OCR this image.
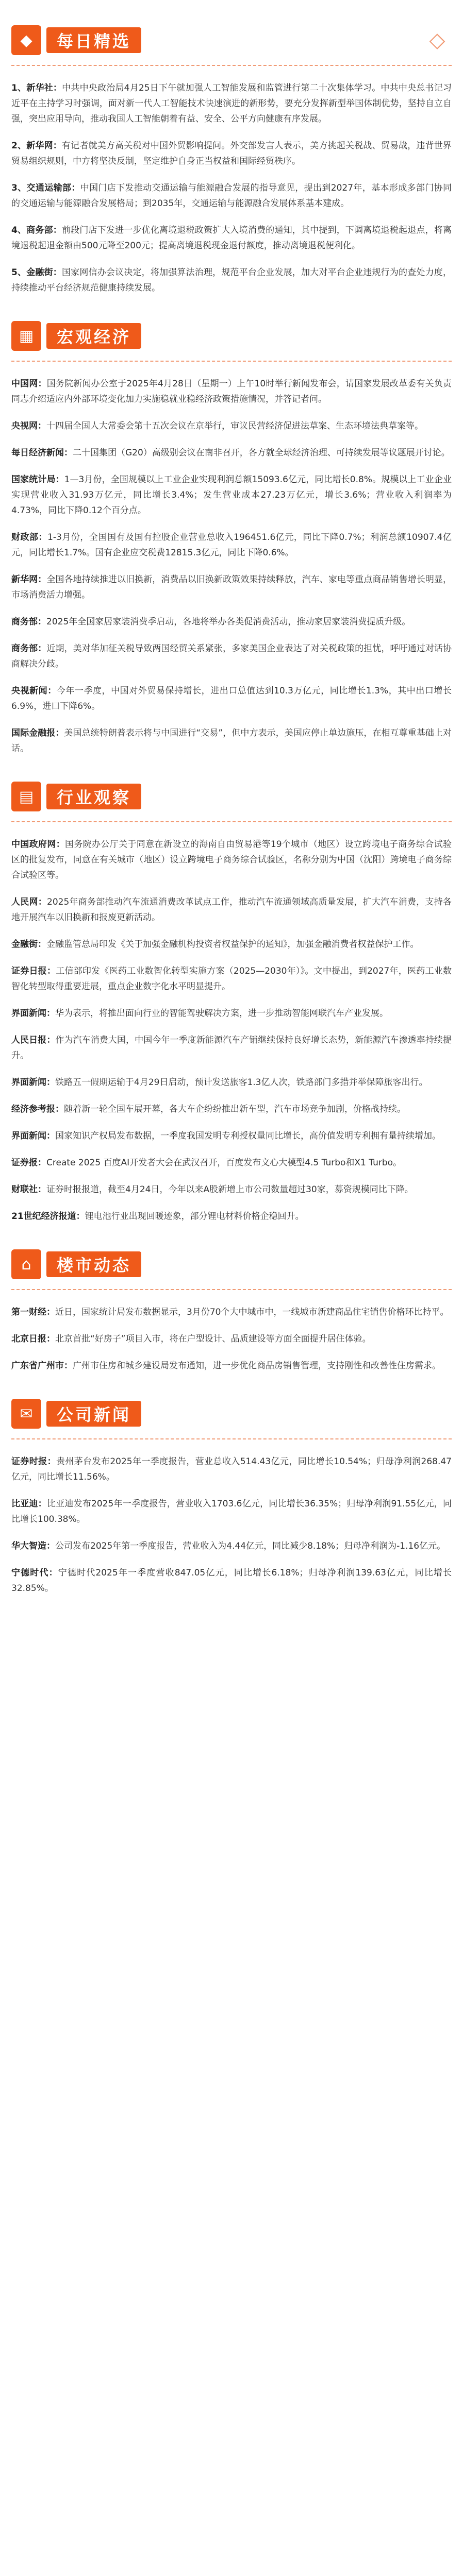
◆	每日精选	◇

1、新华社：中共中央政治局4月25日下午就加强人工智能发展和监管进行第二十次集体学习。中共中央总书记习近平在主持学习时强调，面对新一代人工智能技术快速演进的新形势，要充分发挥新型举国体制优势，坚持自立自强，突出应用导向，推动我国人工智能朝着有益、安全、公平方向健康有序发展。

2、新华网：有记者就美方高关税对中国外贸影响提问。外交部发言人表示，美方挑起关税战、贸易战，违背世界贸易组织规则，中方将坚决反制，坚定维护自身正当权益和国际经贸秩序。

3、交通运输部：中国门店下发推动交通运输与能源融合发展的指导意见，提出到2027年，基本形成多部门协同的交通运输与能源融合发展格局；到2035年，交通运输与能源融合发展体系基本建成。

4、商务部：前段门店下发进一步优化离境退税政策扩大入境消费的通知，其中提到，下调离境退税起退点，将离境退税起退金额由500元降至200元；提高离境退税现金退付额度，推动离境退税便利化。

5、金融街：国家网信办会议决定，将加强算法治理，规范平台企业发展，加大对平台企业违规行为的查处力度，持续推动平台经济规范健康持续发展。

▦	宏观经济

中国网：国务院新闻办公室于2025年4月28日（星期一）上午10时举行新闻发布会，请国家发展改革委有关负责同志介绍适应内外部环境变化加力实施稳就业稳经济政策措施情况，并答记者问。

央视网：十四届全国人大常委会第十五次会议在京举行，审议民营经济促进法草案、生态环境法典草案等。

每日经济新闻：二十国集团（G20）高级别会议在南非召开，各方就全球经济治理、可持续发展等议题展开讨论。

国家统计局：1—3月份，全国规模以上工业企业实现利润总额15093.6亿元，同比增长0.8%。规模以上工业企业实现营业收入31.93万亿元，同比增长3.4%；发生营业成本27.23万亿元，增长3.6%；营业收入利润率为4.73%，同比下降0.12个百分点。

财政部：1-3月份，全国国有及国有控股企业营业总收入196451.6亿元，同比下降0.7%；利润总额10907.4亿元，同比增长1.7%。国有企业应交税费12815.3亿元，同比下降0.6%。

新华网：全国各地持续推进以旧换新，消费品以旧换新政策效果持续释放，汽车、家电等重点商品销售增长明显，市场消费活力增强。

商务部：2025年全国家居家装消费季启动，各地将举办各类促消费活动，推动家居家装消费提质升级。

商务部：近期，美对华加征关税导致两国经贸关系紧张，多家美国企业表达了对关税政策的担忧，呼吁通过对话协商解决分歧。

央视新闻：今年一季度，中国对外贸易保持增长，进出口总值达到10.3万亿元，同比增长1.3%，其中出口增长6.9%，进口下降6%。

国际金融报：美国总统特朗普表示将与中国进行“交易”，但中方表示，美国应停止单边施压，在相互尊重基础上对话。

▤	行业观察

中国政府网：国务院办公厅关于同意在新设立的海南自由贸易港等19个城市（地区）设立跨境电子商务综合试验区的批复发布，同意在有关城市（地区）设立跨境电子商务综合试验区，名称分别为中国（沈阳）跨境电子商务综合试验区等。

人民网：2025年商务部推动汽车流通消费改革试点工作，推动汽车流通领域高质量发展，扩大汽车消费，支持各地开展汽车以旧换新和报废更新活动。

金融街：金融监管总局印发《关于加强金融机构投资者权益保护的通知》，加强金融消费者权益保护工作。

证券日报：工信部印发《医药工业数智化转型实施方案（2025—2030年）》。文中提出，到2027年，医药工业数智化转型取得重要进展，重点企业数字化水平明显提升。

界面新闻：华为表示，将推出面向行业的智能驾驶解决方案，进一步推动智能网联汽车产业发展。

人民日报：作为汽车消费大国，中国今年一季度新能源汽车产销继续保持良好增长态势，新能源汽车渗透率持续提升。

界面新闻：铁路五一假期运输于4月29日启动，预计发送旅客1.3亿人次，铁路部门多措并举保障旅客出行。

经济参考报：随着新一轮全国车展开幕，各大车企纷纷推出新车型，汽车市场竞争加剧，价格战持续。

界面新闻：国家知识产权局发布数据，一季度我国发明专利授权量同比增长，高价值发明专利拥有量持续增加。

证券报：Create 2025 百度AI开发者大会在武汉召开，百度发布文心大模型4.5 Turbo和X1 Turbo。

财联社：证券时报报道，截至4月24日，今年以来A股新增上市公司数量超过30家，募资规模同比下降。

21世纪经济报道：锂电池行业出现回暖迹象，部分锂电材料价格企稳回升。

⌂	楼市动态

第一财经：近日，国家统计局发布数据显示，3月份70个大中城市中，一线城市新建商品住宅销售价格环比持平。

北京日报：北京首批“好房子”项目入市，将在户型设计、品质建设等方面全面提升居住体验。

广东省广州市：广州市住房和城乡建设局发布通知，进一步优化商品房销售管理，支持刚性和改善性住房需求。

✉	公司新闻

证券时报：贵州茅台发布2025年一季度报告，营业总收入514.43亿元，同比增长10.54%；归母净利润268.47亿元，同比增长11.56%。

比亚迪：比亚迪发布2025年一季度报告，营业收入1703.6亿元，同比增长36.35%；归母净利润91.55亿元，同比增长100.38%。

华大智造：公司发布2025年第一季度报告，营业收入为4.44亿元，同比减少8.18%；归母净利润为-1.16亿元。

宁德时代：宁德时代2025年一季度营收847.05亿元，同比增长6.18%；归母净利润139.63亿元，同比增长32.85%。
